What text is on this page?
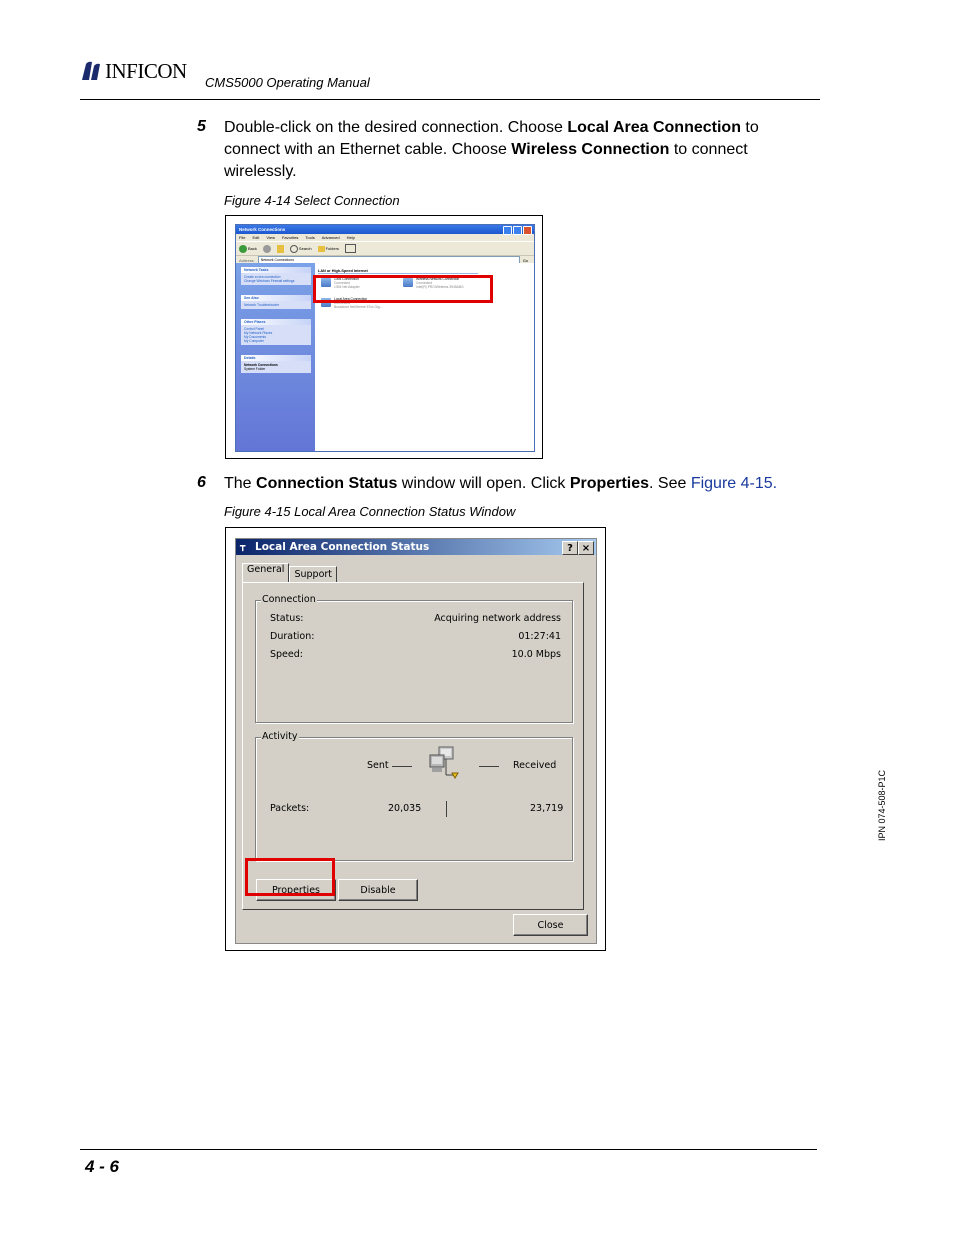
INFICON CMS5000 Operating Manual
5 Double-click on the desired connection. Choose Local Area Connection to
connect with an Ethernet cable. Choose Wireless Connection to connect
wirelessly.
Figure 4-14 Select Connection
Network Connections
File Edit View Favorites Tools Advanced Help
Back	Search	Folders
Address	Network Connections	Go
Network Tasks
Create a new connection
Change Windows Firewall settings
See Also
Network Troubleshooter
Other Places
Control Panel
My Network Places
My Documents
My Computer
Details
Network Connections
System Folder
LAN or High-Speed Internet
1394 Connection
Connected
1394 Net Adapter
Wireless Network Connection
Connected
Intel(R) PRO/Wireless 3945ABG
Local Area Connection
Connected
Broadcom NetXtreme 57xx Gig...
6 The Connection Status window will open. Click Properties. See Figure 4-15.
Figure 4-15 Local Area Connection Status Window
┳ Local Area Connection Status	? ×
General	Support
Connection
Status:	Acquiring network address
Duration:	01:27:41
Speed:	10.0 Mbps
Activity
Sent	Received
Packets:	20,035	23,719
Properties	Disable
Close
IPN 074-508-P1C
4 - 6
